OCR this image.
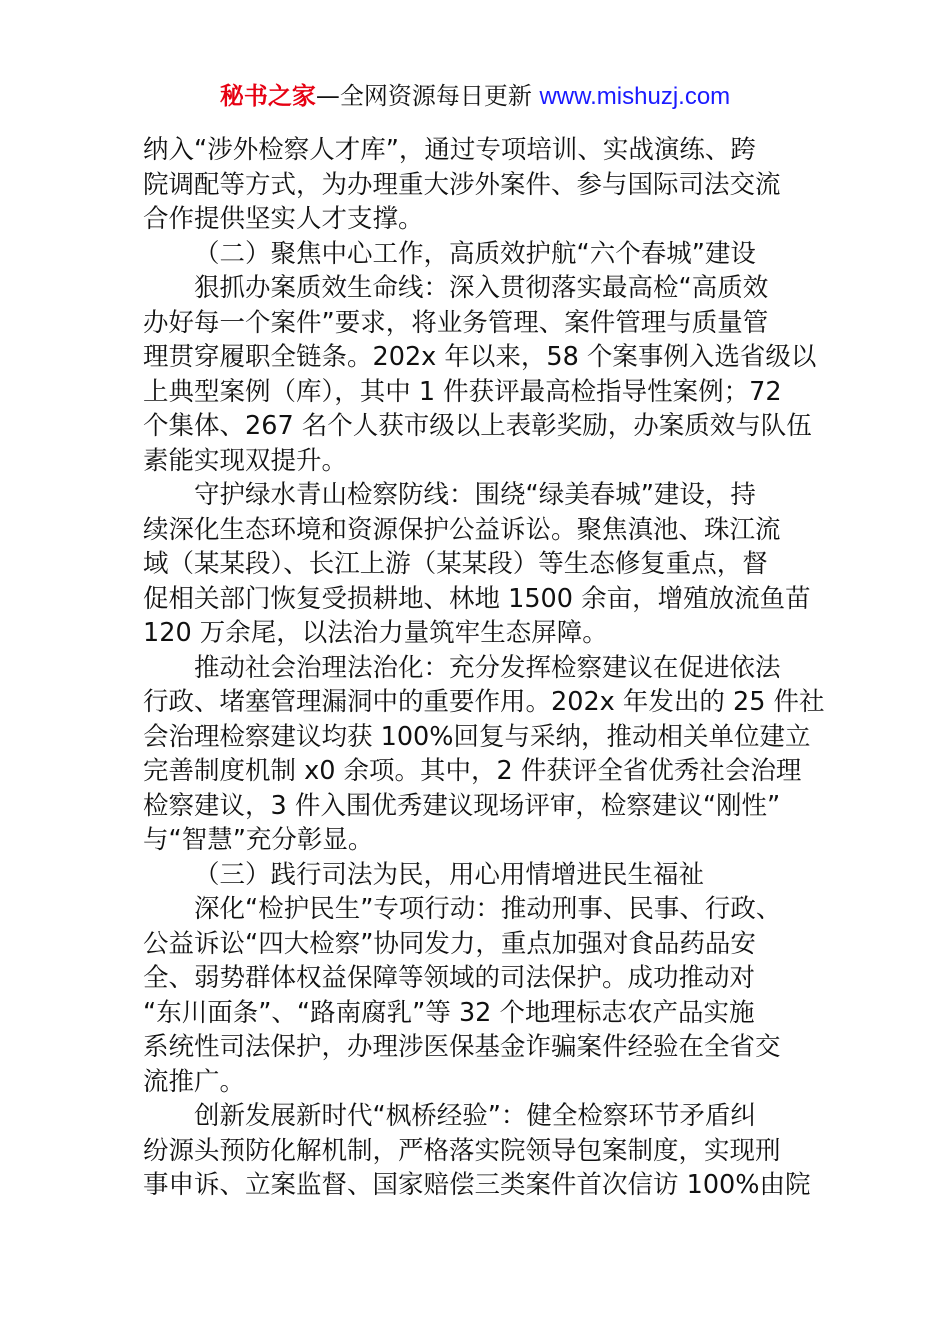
秘书之家—全网资源每日更新 www.mishuzj.com
纳入“涉外检察人才库”，通过专项培训、实战演练、跨
院调配等方式，为办理重大涉外案件、参与国际司法交流
合作提供坚实人才支撑。
（二）聚焦中心工作，高质效护航“六个春城”建设
狠抓办案质效生命线：深入贯彻落实最高检“高质效
办好每一个案件”要求，将业务管理、案件管理与质量管
理贯穿履职全链条。202x 年以来，58 个案事例入选省级以
上典型案例（库），其中 1 件获评最高检指导性案例；72
个集体、267 名个人获市级以上表彰奖励，办案质效与队伍
素能实现双提升。
守护绿水青山检察防线：围绕“绿美春城”建设，持
续深化生态环境和资源保护公益诉讼。聚焦滇池、珠江流
域（某某段）、长江上游（某某段）等生态修复重点，督
促相关部门恢复受损耕地、林地 1500 余亩，增殖放流鱼苗
120 万余尾，以法治力量筑牢生态屏障。
推动社会治理法治化：充分发挥检察建议在促进依法
行政、堵塞管理漏洞中的重要作用。202x 年发出的 25 件社
会治理检察建议均获 100%回复与采纳，推动相关单位建立
完善制度机制 x0 余项。其中，2 件获评全省优秀社会治理
检察建议，3 件入围优秀建议现场评审，检察建议“刚性”
与“智慧”充分彰显。
（三）践行司法为民，用心用情增进民生福祉
深化“检护民生”专项行动：推动刑事、民事、行政、
公益诉讼“四大检察”协同发力，重点加强对食品药品安
全、弱势群体权益保障等领域的司法保护。成功推动对
“东川面条”、“路南腐乳”等 32 个地理标志农产品实施
系统性司法保护，办理涉医保基金诈骗案件经验在全省交
流推广。
创新发展新时代“枫桥经验”：健全检察环节矛盾纠
纷源头预防化解机制，严格落实院领导包案制度，实现刑
事申诉、立案监督、国家赔偿三类案件首次信访 100%由院
